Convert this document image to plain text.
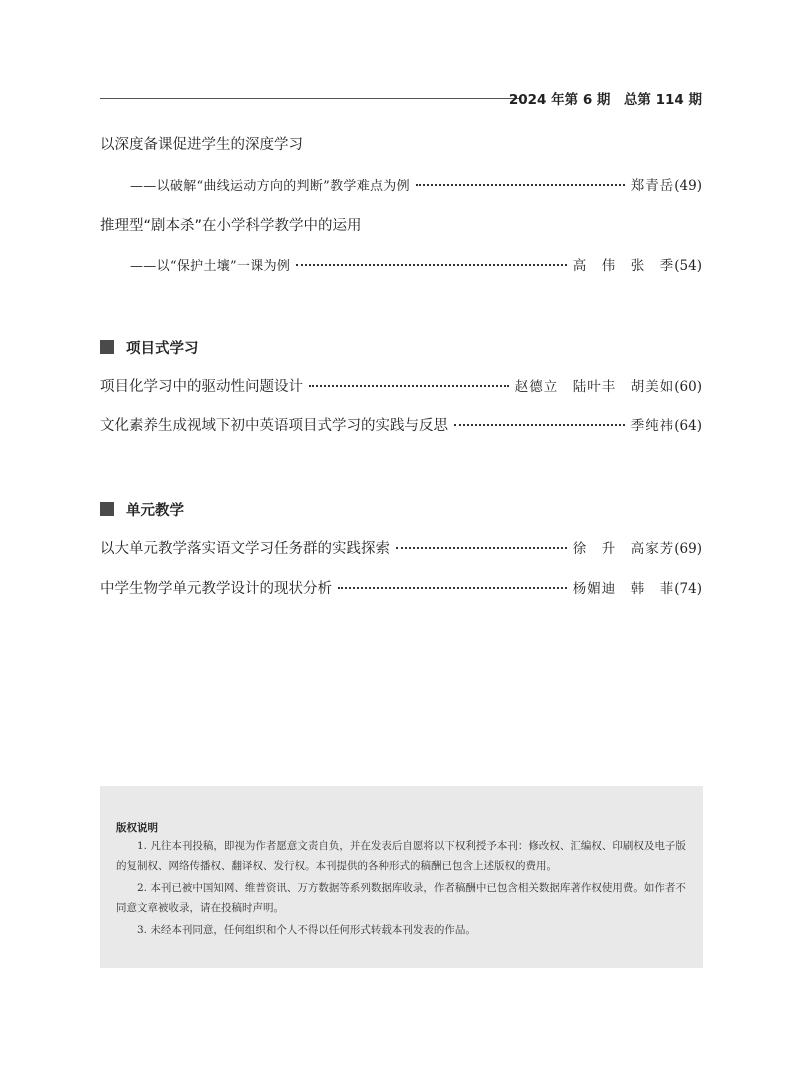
2024 年第 6 期　总第 114 期
以深度备课促进学生的深度学习
——以破解“曲线运动方向的判断”教学难点为例	郑青岳 (49)
推理型“剧本杀”在小学科学教学中的运用
——以“保护土壤”一课为例	高　伟　张　季 (54)
项目式学习
项目化学习中的驱动性问题设计	赵德立　陆叶丰　胡美如 (60)
文化素养生成视域下初中英语项目式学习的实践与反思	季纯祎 (64)
单元教学
以大单元教学落实语文学习任务群的实践探索	徐　升　高家芳 (69)
中学生物学单元教学设计的现状分析	杨媚迪　韩　菲 (74)
版权说明
1. 凡往本刊投稿，即视为作者愿意文责自负，并在发表后自愿将以下权利授予本刊：修改权、汇编权、印刷权及电子版的复制权、网络传播权、翻译权、发行权。本刊提供的各种形式的稿酬已包含上述版权的费用。
2. 本刊已被中国知网、维普资讯、万方数据等系列数据库收录，作者稿酬中已包含相关数据库著作权使用费。如作者不同意文章被收录，请在投稿时声明。
3. 未经本刊同意，任何组织和个人不得以任何形式转载本刊发表的作品。
